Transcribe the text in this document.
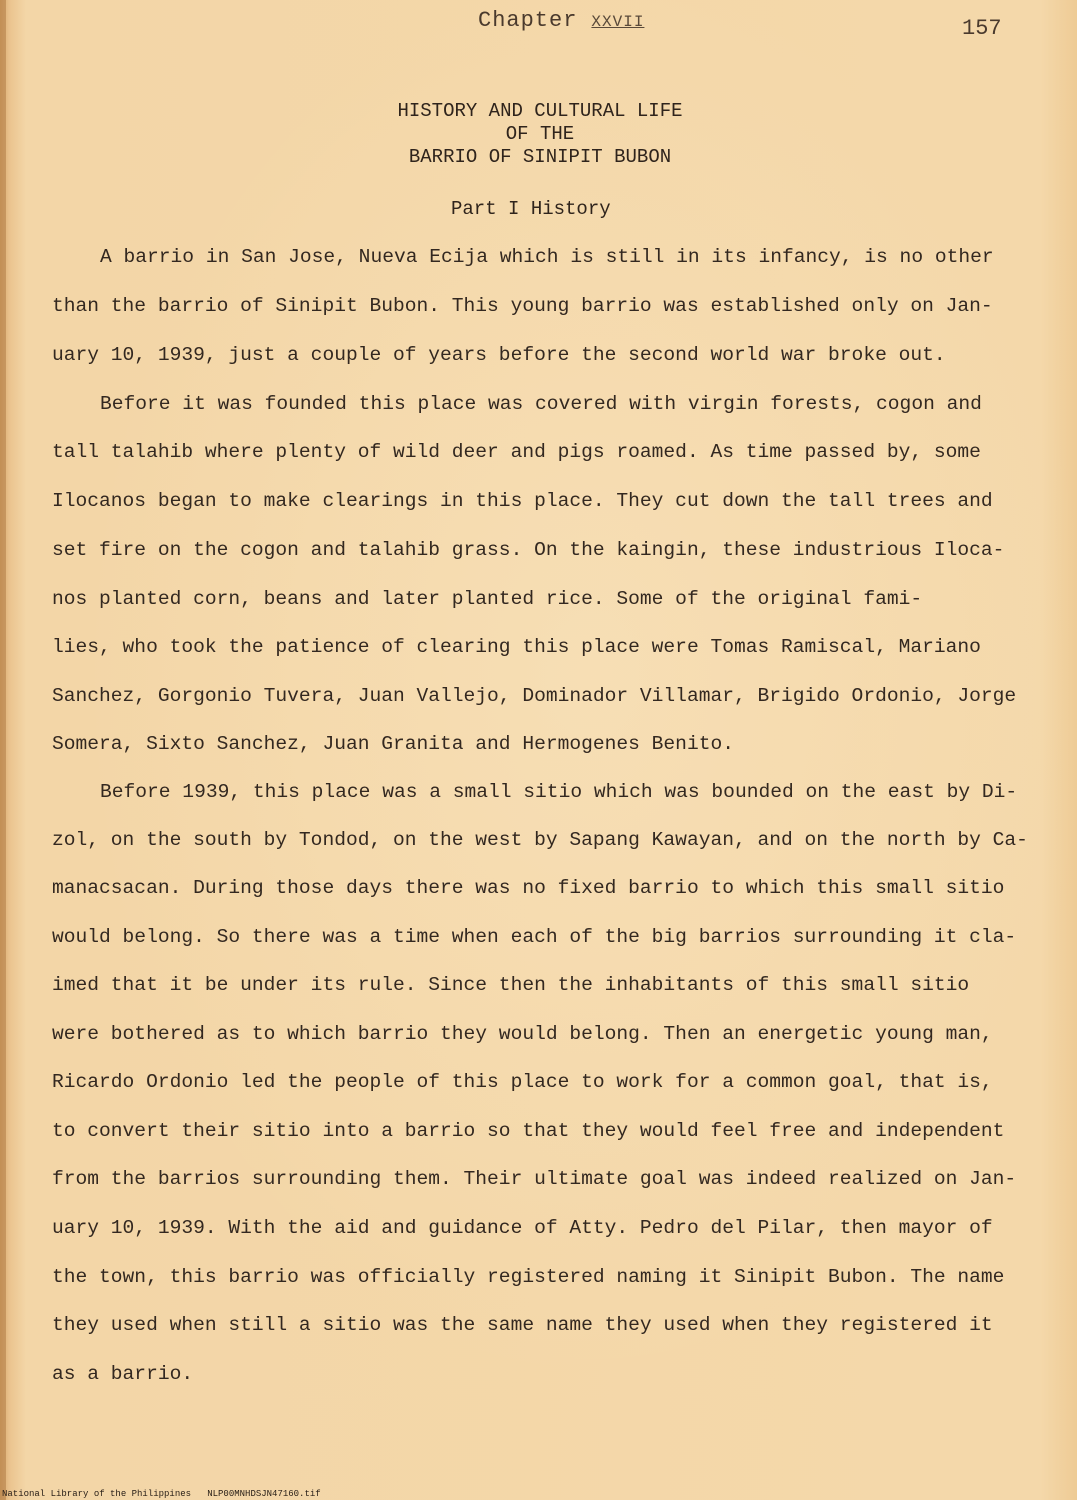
Chapter XXVII	157
HISTORY AND CULTURAL LIFE
OF THE
BARRIO OF SINIPIT BUBON
Part I History
A barrio in San Jose, Nueva Ecija which is still in its infancy, is no other
than the barrio of Sinipit Bubon. This young barrio was established only on Jan-
uary 10, 1939, just a couple of years before the second world war broke out.
Before it was founded this place was covered with virgin forests, cogon and
tall talahib where plenty of wild deer and pigs roamed. As time passed by, some
Ilocanos began to make clearings in this place. They cut down the tall trees and
set fire on the cogon and talahib grass. On the kaingin, these industrious Iloca-
nos planted corn, beans and later planted rice. Some of the original fami-
lies, who took the patience of clearing this place were Tomas Ramiscal, Mariano
Sanchez, Gorgonio Tuvera, Juan Vallejo, Dominador Villamar, Brigido Ordonio, Jorge
Somera, Sixto Sanchez, Juan Granita and Hermogenes Benito.
Before 1939, this place was a small sitio which was bounded on the east by Di-
zol, on the south by Tondod, on the west by Sapang Kawayan, and on the north by Ca-
manacsacan. During those days there was no fixed barrio to which this small sitio
would belong. So there was a time when each of the big barrios surrounding it cla-
imed that it be under its rule. Since then the inhabitants of this small sitio
were bothered as to which barrio they would belong. Then an energetic young man,
Ricardo Ordonio led the people of this place to work for a common goal, that is,
to convert their sitio into a barrio so that they would feel free and independent
from the barrios surrounding them. Their ultimate goal was indeed realized on Jan-
uary 10, 1939. With the aid and guidance of Atty. Pedro del Pilar, then mayor of
the town, this barrio was officially registered naming it Sinipit Bubon. The name
they used when still a sitio was the same name they used when they registered it
as a barrio.
National Library of the Philippines NLP00MNHDSJN47160.tif
